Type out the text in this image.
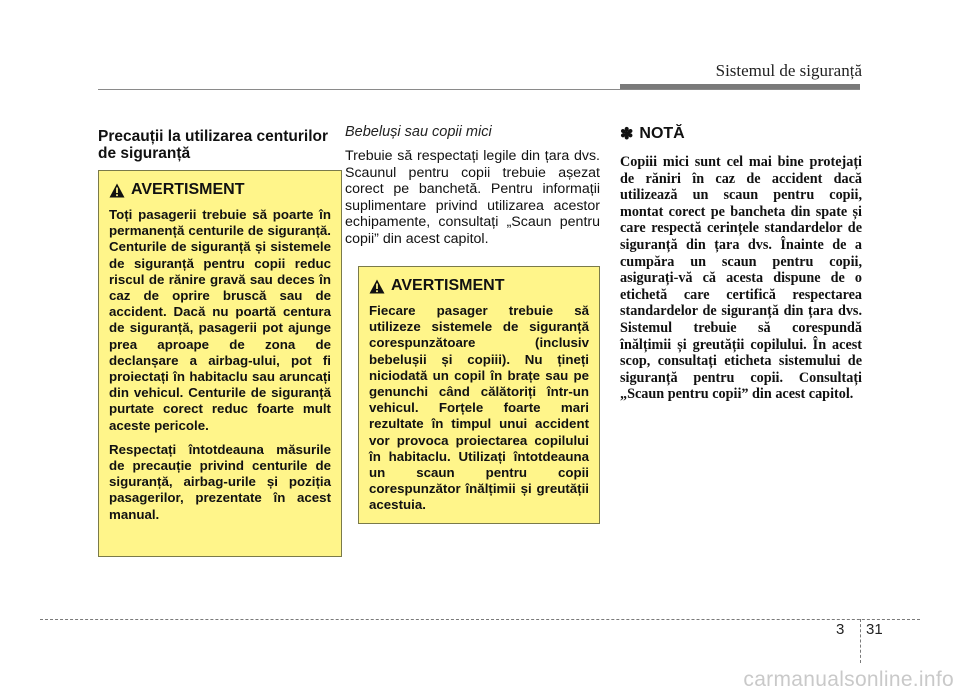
Sistemul de siguranță
Precauții la utilizarea centurilor de siguranță
AVERTISMENT

Toți pasagerii trebuie să poarte în permanență centurile de siguranță. Centurile de siguranță și sistemele de siguranță pentru copii reduc riscul de rănire gravă sau deces în caz de oprire bruscă sau de accident. Dacă nu poartă centura de siguranță, pasagerii pot ajunge prea aproape de zona de declanșare a airbag-ului, pot fi proiectați în habitaclu sau aruncați din vehicul. Centurile de siguranță purtate corect reduc foarte mult aceste pericole.

Respectați întotdeauna măsurile de precauție privind centurile de siguranță, airbag-urile și poziția pasagerilor, prezentate în acest manual.

Bebeluși sau copii mici

Trebuie să respectați legile din țara dvs. Scaunul pentru copii trebuie așezat corect pe banchetă. Pentru informații suplimentare privind utilizarea acestor echipamente, consultați „Scaun pentru copii” din acest capitol.

AVERTISMENT

Fiecare pasager trebuie să utilizeze sistemele de siguranță corespunzătoare (inclusiv bebelușii și copiii). Nu țineți niciodată un copil în brațe sau pe genunchi când călătoriți într-un vehicul. Forțele foarte mari rezultate în timpul unui accident vor provoca proiectarea copilului în habitaclu. Utilizați întotdeauna un scaun pentru copii corespunzător înălțimii și greutății acestuia.

✽ NOTĂ

Copiii mici sunt cel mai bine protejați de răniri în caz de accident dacă utilizează un scaun pentru copii, montat corect pe bancheta din spate și care respectă cerințele standardelor de siguranță din țara dvs. Înainte de a cumpăra un scaun pentru copii, asigurați-vă că acesta dispune de o etichetă care certifică respectarea standardelor de siguranță din țara dvs. Sistemul trebuie să corespundă înălțimii și greutății copilului. În acest scop, consultați eticheta sistemului de siguranță pentru copii. Consultați „Scaun pentru copii” din acest capitol.

3 31
carmanualsonline.info
